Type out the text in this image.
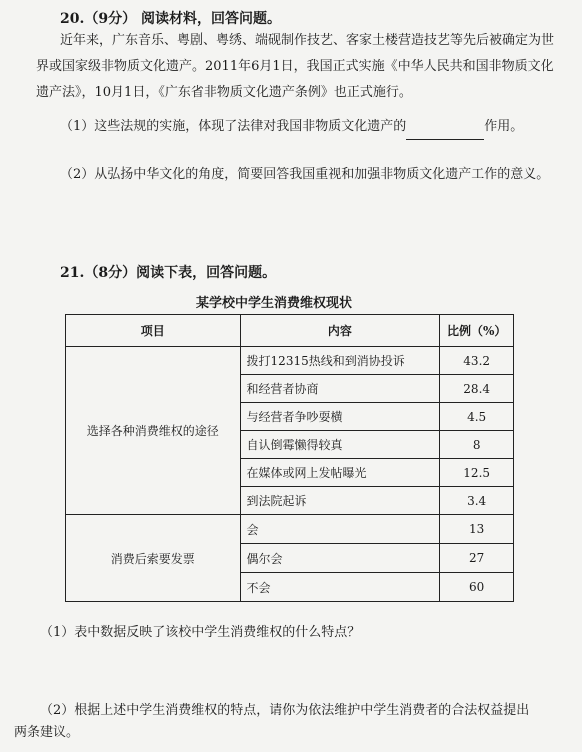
20.（9分） 阅读材料，回答问题。
近年来，广东音乐、粤剧、粤绣、端砚制作技艺、客家土楼营造技艺等先后被确定为世
界或国家级非物质文化遗产。2011年6月1日，我国正式实施《中华人民共和国非物质文化
遗产法》，10月1日，《广东省非物质文化遗产条例》也正式施行。
（1）这些法规的实施，体现了法律对我国非物质文化遗产的	作用。
（2）从弘扬中华文化的角度，简要回答我国重视和加强非物质文化遗产工作的意义。
21.（8分）阅读下表，回答问题。
某学校中学生消费维权现状
项目	内容	比例（%）
选择各种消费维权的途径	拨打12315热线和到消协投诉	43.2
	和经营者协商	28.4
	与经营者争吵耍横	4.5
	自认倒霉懒得较真	8
	在媒体或网上发帖曝光	12.5
	到法院起诉	3.4
消费后索要发票	会	13
	偶尔会	27
	不会	60
（1）表中数据反映了该校中学生消费维权的什么特点？
（2）根据上述中学生消费维权的特点，请你为依法维护中学生消费者的合法权益提出
两条建议。
